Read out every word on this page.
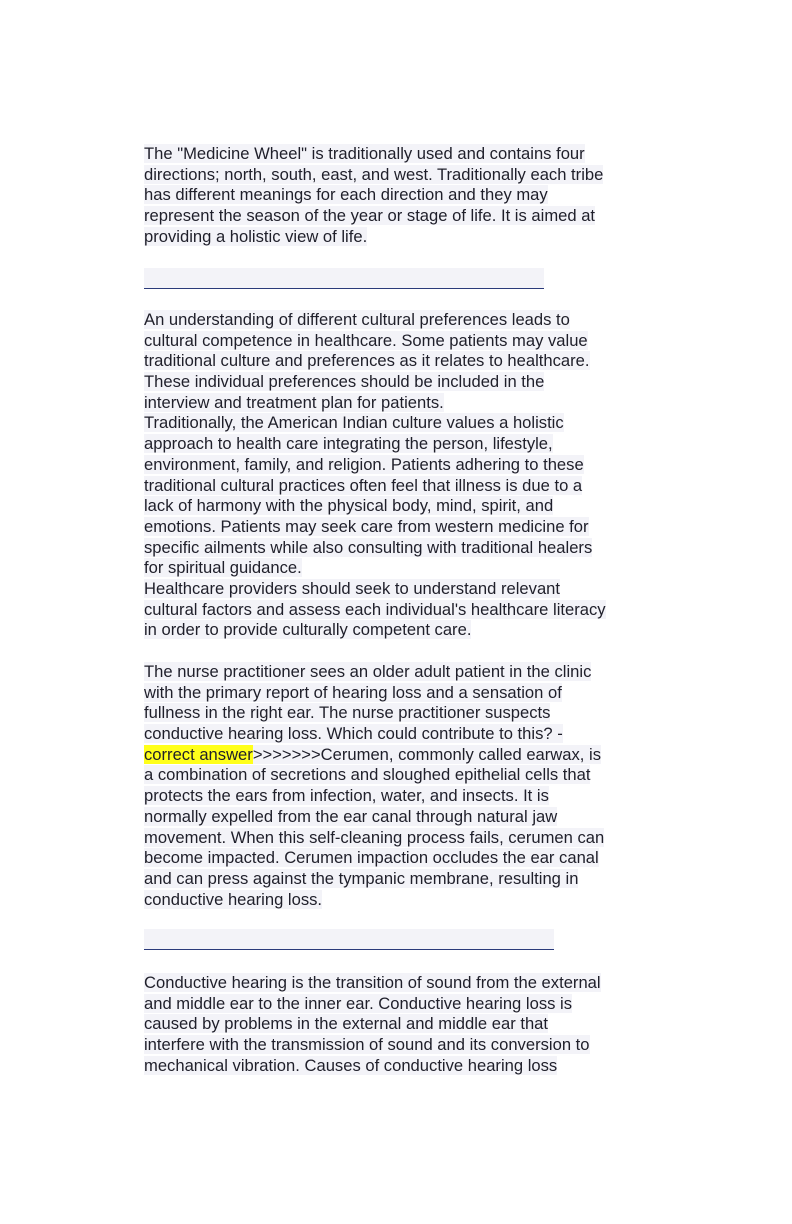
The "Medicine Wheel" is traditionally used and contains four
directions; north, south, east, and west. Traditionally each tribe
has different meanings for each direction and they may
represent the season of the year or stage of life. It is aimed at
providing a holistic view of life.
An understanding of different cultural preferences leads to
cultural competence in healthcare. Some patients may value
traditional culture and preferences as it relates to healthcare.
These individual preferences should be included in the
interview and treatment plan for patients.
Traditionally, the American Indian culture values a holistic
approach to health care integrating the person, lifestyle,
environment, family, and religion. Patients adhering to these
traditional cultural practices often feel that illness is due to a
lack of harmony with the physical body, mind, spirit, and
emotions. Patients may seek care from western medicine for
specific ailments while also consulting with traditional healers
for spiritual guidance.
Healthcare providers should seek to understand relevant
cultural factors and assess each individual's healthcare literacy
in order to provide culturally competent care.
The nurse practitioner sees an older adult patient in the clinic
with the primary report of hearing loss and a sensation of
fullness in the right ear. The nurse practitioner suspects
conductive hearing loss. Which could contribute to this? -
correct answer>>>>>>>Cerumen, commonly called earwax, is
a combination of secretions and sloughed epithelial cells that
protects the ears from infection, water, and insects. It is
normally expelled from the ear canal through natural jaw
movement. When this self-cleaning process fails, cerumen can
become impacted. Cerumen impaction occludes the ear canal
and can press against the tympanic membrane, resulting in
conductive hearing loss.
Conductive hearing is the transition of sound from the external
and middle ear to the inner ear. Conductive hearing loss is
caused by problems in the external and middle ear that
interfere with the transmission of sound and its conversion to
mechanical vibration. Causes of conductive hearing loss
